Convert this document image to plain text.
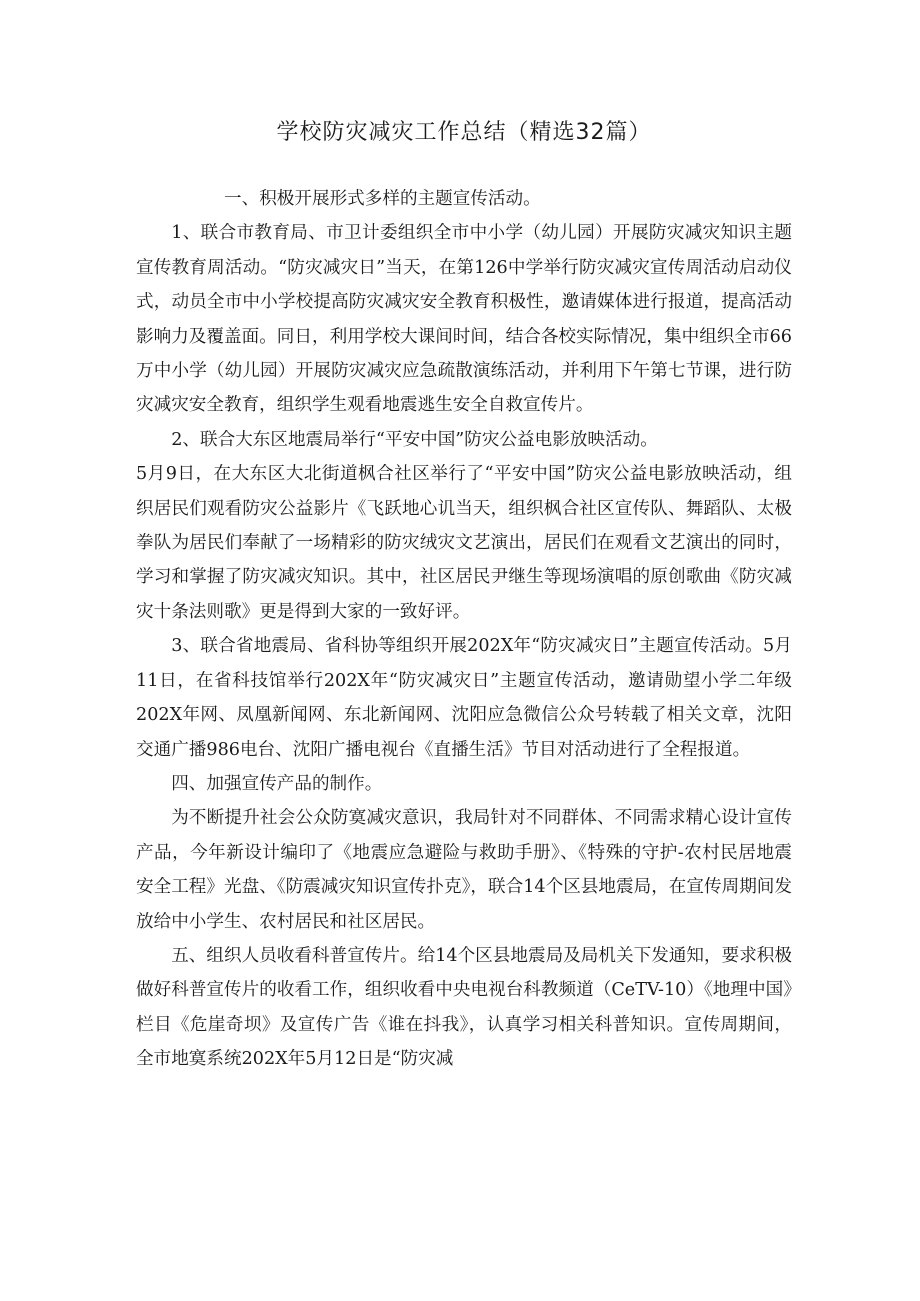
学校防灾减灾工作总结（精选32篇）

一、积极开展形式多样的主题宣传活动。

1、联合市教育局、市卫计委组织全市中小学（幼儿园）开展防灾减灾知识主题宣传教育周活动。“防灾减灾日”当天，在第126中学举行防灾减灾宣传周活动启动仪式，动员全市中小学校提高防灾减灾安全教育积极性，邀请媒体进行报道，提高活动影响力及覆盖面。同日，利用学校大课间时间，结合各校实际情况，集中组织全市66万中小学（幼儿园）开展防灾减灾应急疏散演练活动，并利用下午第七节课，进行防灾减灾安全教育，组织学生观看地震逃生安全自救宣传片。

2、联合大东区地震局举行“平安中国”防灾公益电影放映活动。

5月9日，在大东区大北街道枫合社区举行了“平安中国”防灾公益电影放映活动，组织居民们观看防灾公益影片《飞跃地心讥当天，组织枫合社区宣传队、舞蹈队、太极拳队为居民们奉献了一场精彩的防灾绒灾文艺演出，居民们在观看文艺演出的同时，学习和掌握了防灾减灾知识。其中，社区居民尹继生等现场演唱的原创歌曲《防灾减灾十条法则歌》更是得到大家的一致好评。

3、联合省地震局、省科协等组织开展202X年“防灾减灾日”主题宣传活动。5月11日，在省科技馆举行202X年“防灾减灾日”主题宣传活动，邀请勋望小学二年级202X年网、凤凰新闻网、东北新闻网、沈阳应急微信公众号转载了相关文章，沈阳交通广播986电台、沈阳广播电视台《直播生活》节目对活动进行了全程报道。

四、加强宣传产品的制作。

为不断提升社会公众防寞减灾意识，我局针对不同群体、不同需求精心设计宣传产品，今年新设计编印了《地震应急避险与救助手册》、《特殊的守护-农村民居地震安全工程》光盘、《防震减灾知识宣传扑克》，联合14个区县地震局，在宣传周期间发放给中小学生、农村居民和社区居民。

五、组织人员收看科普宣传片。给14个区县地震局及局机关下发通知，要求积极做好科普宣传片的收看工作，组织收看中央电视台科教频道（CeTV-10）《地理中国》栏目《危崖奇坝》及宣传广告《谁在抖我》，认真学习相关科普知识。宣传周期间，全市地寞系统202X年5月12日是“防灾减
